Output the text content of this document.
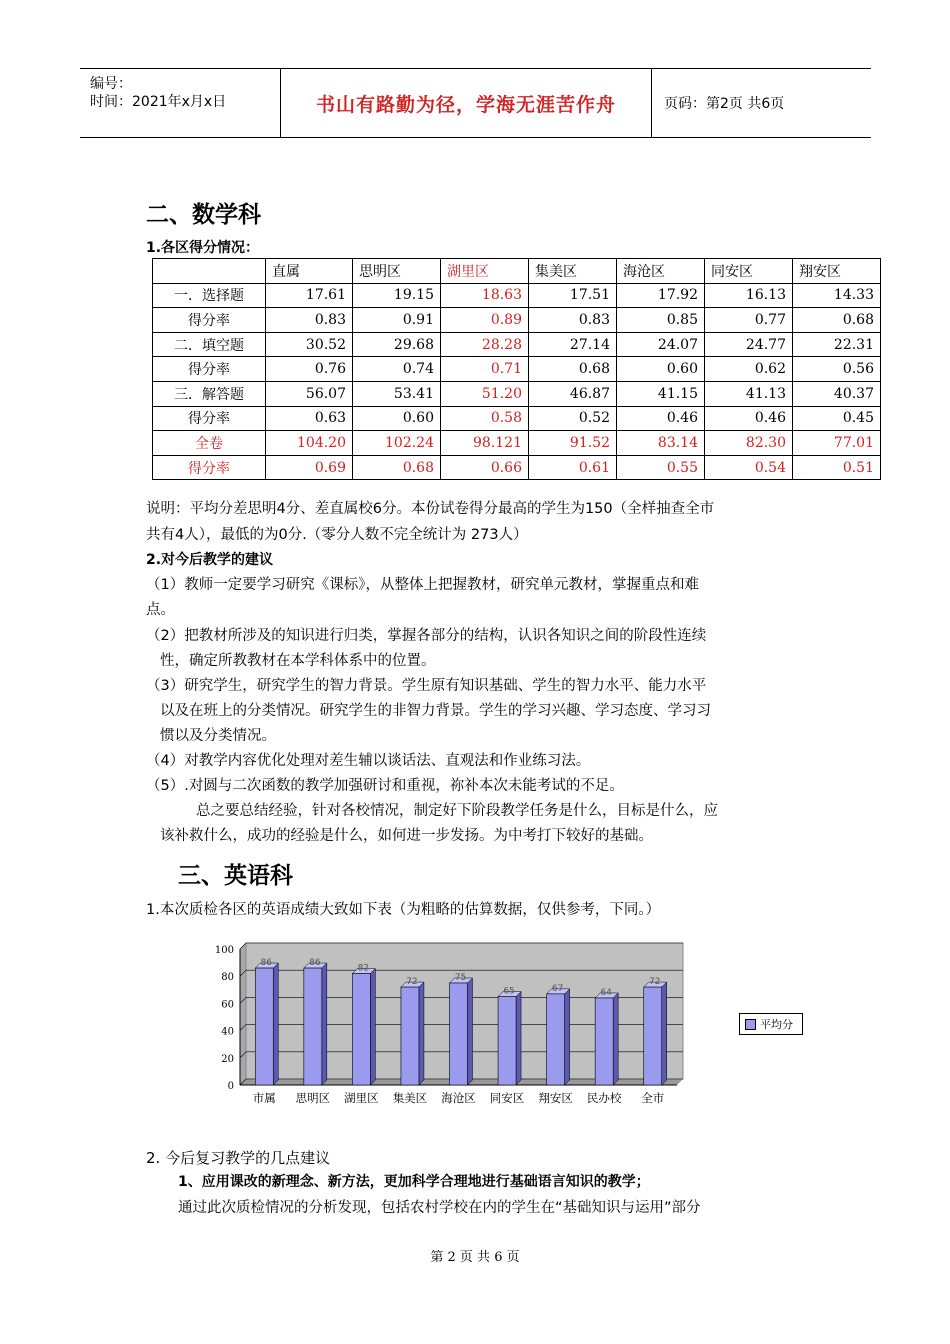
编号：
时间：2021年x月x日	书山有路勤为径，学海无涯苦作舟	页码：第2页 共6页
二、数学科
1.各区得分情况：
	直属	思明区	湖里区	集美区	海沧区	同安区	翔安区
一．选择题	17.61	19.15	18.63	17.51	17.92	16.13	14.33
得分率	0.83	0.91	0.89	0.83	0.85	0.77	0.68
二．填空题	30.52	29.68	28.28	27.14	24.07	24.77	22.31
得分率	0.76	0.74	0.71	0.68	0.60	0.62	0.56
三．解答题	56.07	53.41	51.20	46.87	41.15	41.13	40.37
得分率	0.63	0.60	0.58	0.52	0.46	0.46	0.45
全卷	104.20	102.24	98.121	91.52	83.14	82.30	77.01
得分率	0.69	0.68	0.66	0.61	0.55	0.54	0.51
说明：平均分差思明4分、差直属校6分。本份试卷得分最高的学生为150（全样抽查全市
共有4人），最低的为0分.（零分人数不完全统计为 273人）
2.对今后教学的建议
（1）教师一定要学习研究《课标》，从整体上把握教材，研究单元教材，掌握重点和难
点。
（2）把教材所涉及的知识进行归类，掌握各部分的结构，认识各知识之间的阶段性连续
性，确定所教教材在本学科体系中的位置。
（3）研究学生，研究学生的智力背景。学生原有知识基础、学生的智力水平、能力水平
以及在班上的分类情况。研究学生的非智力背景。学生的学习兴趣、学习态度、学习习
惯以及分类情况。
（4）对教学内容优化处理对差生辅以谈话法、直观法和作业练习法。
（5）.对圆与二次函数的教学加强研讨和重视，祢补本次未能考试的不足。
总之要总结经验，针对各校情况，制定好下阶段教学任务是什么，目标是什么，应
该补救什么，成功的经验是什么，如何进一步发扬。为中考打下较好的基础。
三、英语科
1.本次质检各区的英语成绩大致如下表（为粗略的估算数据，仅供参考，下同。）
0
20
40
60
80
100
86
市属
86
思明区
82
湖里区
72
集美区
75
海沧区
65
同安区
67
翔安区
64
民办校
72
全市
平均分
2. 今后复习教学的几点建议
1、应用课改的新理念、新方法，更加科学合理地进行基础语言知识的教学；
通过此次质检情况的分析发现，包括农村学校在内的学生在“基础知识与运用”部分
第 2 页 共 6 页
